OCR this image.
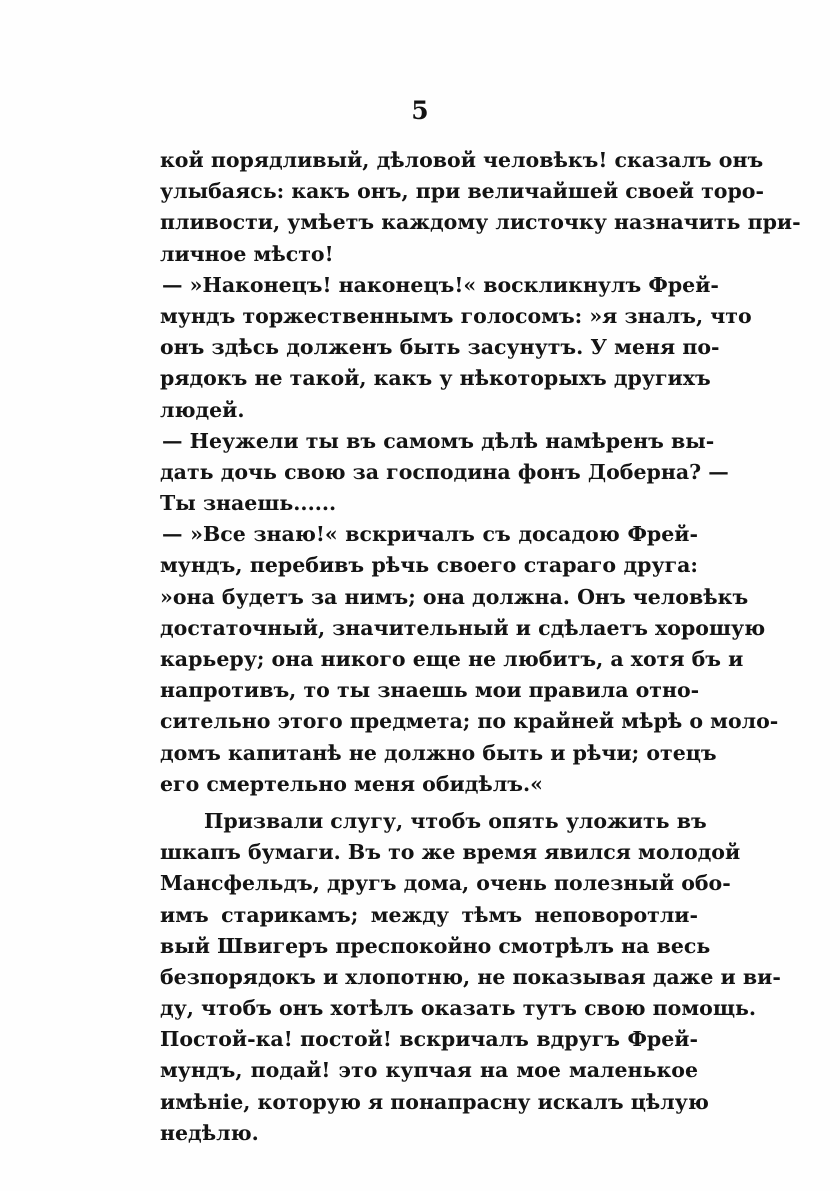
5
кой порядливый, дѣловой человѣкъ! сказалъ онъ
улыбаясь: какъ онъ, при величайшей своей торо-
пливости, умѣетъ каждому листочку назначить при-
личное мѣсто!
— »Наконецъ! наконецъ!« воскликнулъ Фрей-
мундъ торжественнымъ голосомъ: »я зналъ, что
онъ здѣсь долженъ быть засунутъ. У меня по-
рядокъ не такой, какъ у нѣкоторыхъ другихъ
людей.
— Неужели ты въ самомъ дѣлѣ намѣренъ вы-
дать дочь свою за господина фонъ Доберна? —
Ты знаешь......
— »Все знаю!« вскричалъ съ досадою Фрей-
мундъ, перебивъ рѣчь своего стараго друга:
»она будетъ за нимъ; она должна. Онъ человѣкъ
достаточный, значительный и сдѣлаетъ хорошую
карьеру; она никого еще не любитъ, а хотя бъ и
напротивъ, то ты знаешь мои правила отно-
сительно этого предмета; по крайней мѣрѣ о моло-
домъ капитанѣ не должно быть и рѣчи; отецъ
его смертельно меня обидѣлъ.«
Призвали слугу, чтобъ опять уложить въ
шкапъ бумаги. Въ то же время явился молодой
Мансфельдъ, другъ дома, очень полезный обо-
имъ старикамъ; между тѣмъ неповоротли-
вый Швигеръ преспокойно смотрѣлъ на весь
безпорядокъ и хлопотню, не показывая даже и ви-
ду, чтобъ онъ хотѣлъ оказать тутъ свою помощь.
Постой-ка! постой! вскричалъ вдругъ Фрей-
мундъ, подай! это купчая на мое маленькое
имѣніе, которую я понапрасну искалъ цѣлую
недѣлю.
